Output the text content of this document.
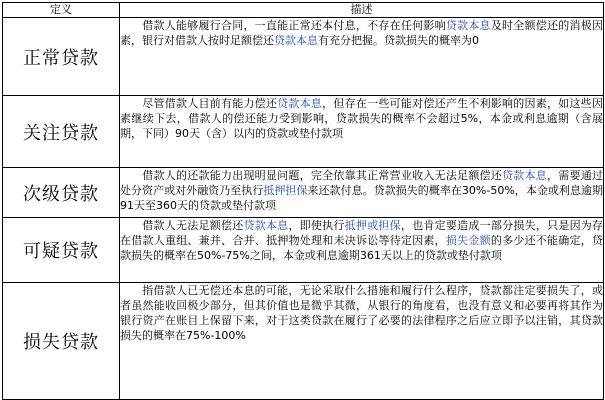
定义	描述
正常贷款	借款人能够履行合同，一直能正常还本付息，不存在任何影响贷款本息及时全额偿还的消极因素，银行对借款人按时足额偿还贷款本息有充分把握。贷款损失的概率为0
关注贷款	尽管借款人目前有能力偿还贷款本息，但存在一些可能对偿还产生不利影响的因素，如这些因素继续下去，借款人的偿还能力受到影响，贷款损失的概率不会超过5%，本金或利息逾期（含展期，下同）90天（含）以内的贷款或垫付款项
次级贷款	借款人的还款能力出现明显问题，完全依靠其正常营业收入无法足额偿还贷款本息，需要通过处分资产或对外融资乃至执行抵押担保来还款付息。贷款损失的概率在30%-50%，本金或利息逾期91天至360天的贷款或垫付款项
可疑贷款	借款人无法足额偿还贷款本息，即使执行抵押或担保，也肯定要造成一部分损失，只是因为存在借款人重组、兼并、合并、抵押物处理和未决诉讼等待定因素，损失金额的多少还不能确定，贷款损失的概率在50%-75%之间，本金或利息逾期361天以上的贷款或垫付款项
损失贷款	指借款人已无偿还本息的可能，无论采取什么措施和履行什么程序，贷款都注定要损失了，或者虽然能收回极少部分，但其价值也是微乎其微，从银行的角度看，也没有意义和必要再将其作为银行资产在账目上保留下来，对于这类贷款在履行了必要的法律程序之后应立即予以注销，其贷款损失的概率在75%-100%
